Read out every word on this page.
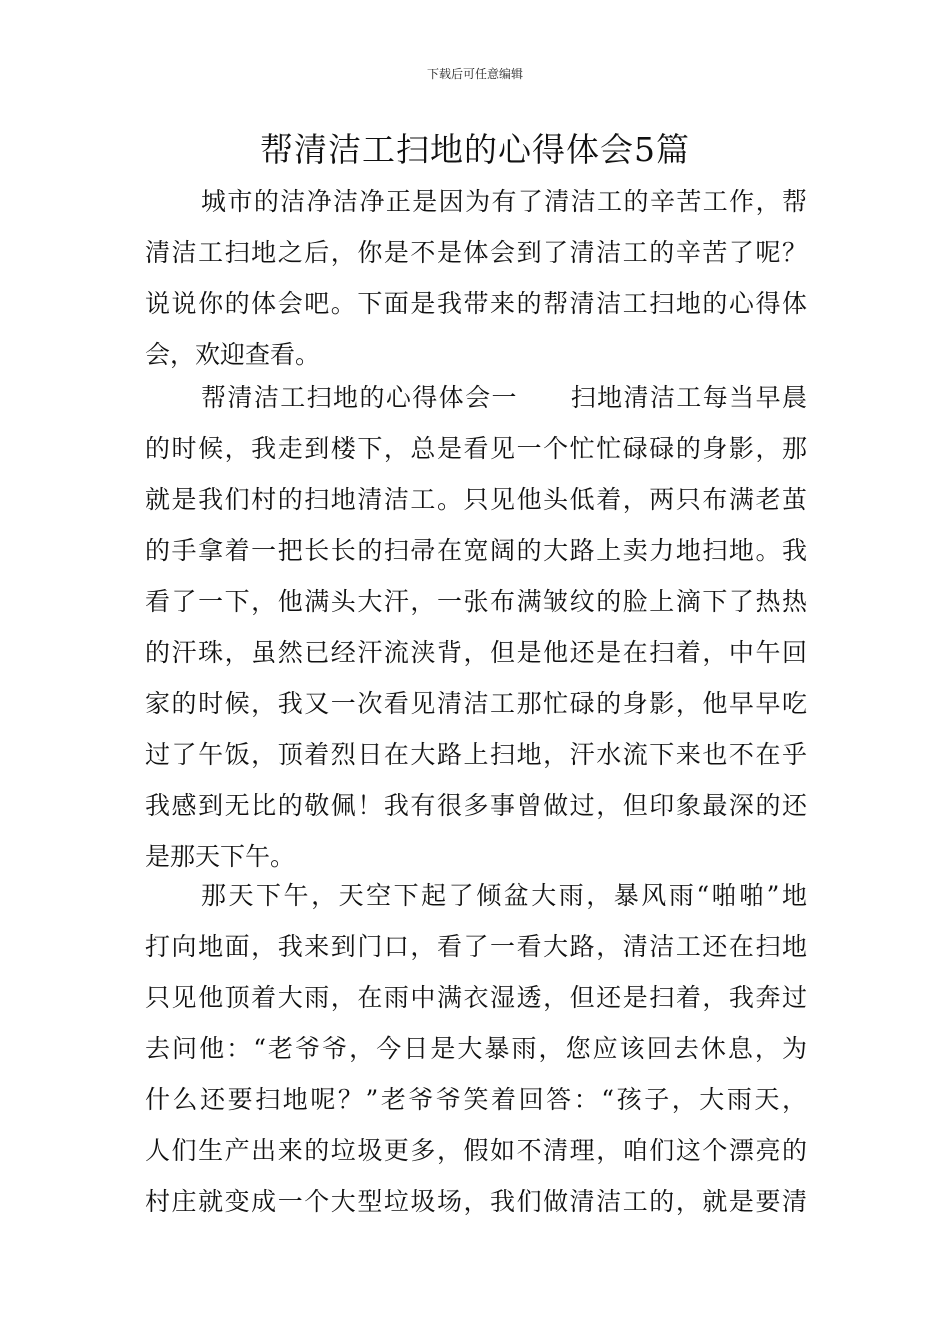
下载后可任意编辑
帮清洁工扫地的心得体会5篇
城市的洁净洁净正是因为有了清洁工的辛苦工作，帮
清洁工扫地之后，你是不是体会到了清洁工的辛苦了呢？
说说你的体会吧。下面是我带来的帮清洁工扫地的心得体
会，欢迎查看。
帮清洁工扫地的心得体会一　　扫地清洁工每当早晨
的时候，我走到楼下，总是看见一个忙忙碌碌的身影，那
就是我们村的扫地清洁工。只见他头低着，两只布满老茧
的手拿着一把长长的扫帚在宽阔的大路上卖力地扫地。我
看了一下，他满头大汗，一张布满皱纹的脸上滴下了热热
的汗珠，虽然已经汗流浃背，但是他还是在扫着，中午回
家的时候，我又一次看见清洁工那忙碌的身影，他早早吃
过了午饭，顶着烈日在大路上扫地，汗水流下来也不在乎
我感到无比的敬佩！我有很多事曾做过，但印象最深的还
是那天下午。
那天下午，天空下起了倾盆大雨，暴风雨“啪啪”地
打向地面，我来到门口，看了一看大路，清洁工还在扫地
只见他顶着大雨，在雨中满衣湿透，但还是扫着，我奔过
去问他：“老爷爷，今日是大暴雨，您应该回去休息，为
什么还要扫地呢？”老爷爷笑着回答：“孩子，大雨天，
人们生产出来的垃圾更多，假如不清理，咱们这个漂亮的
村庄就变成一个大型垃圾场，我们做清洁工的，就是要清
